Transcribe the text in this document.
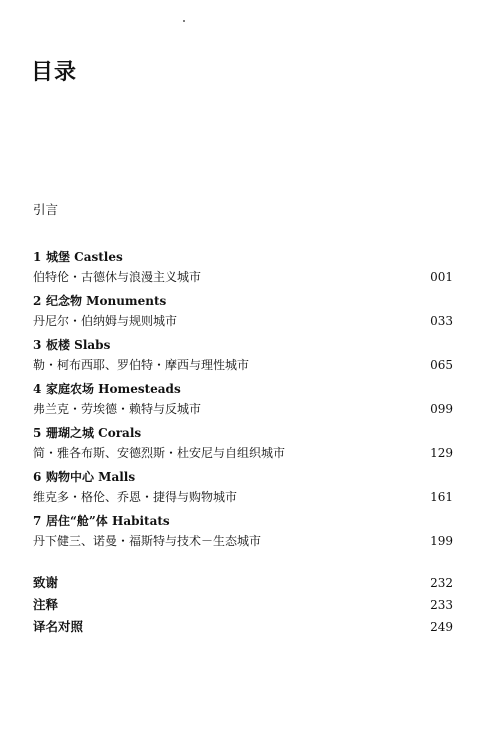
目录
引言
1 城堡 Castles
伯特伦・古德休与浪漫主义城市	001
2 纪念物 Monuments
丹尼尔・伯纳姆与规则城市	033
3 板楼 Slabs
勒・柯布西耶、罗伯特・摩西与理性城市	065
4 家庭农场 Homesteads
弗兰克・劳埃德・赖特与反城市	099
5 珊瑚之城 Corals
简・雅各布斯、安德烈斯・杜安尼与自组织城市	129
6 购物中心 Malls
维克多・格伦、乔恩・捷得与购物城市	161
7 居住“舱”体 Habitats
丹下健三、诺曼・福斯特与技术－生态城市	199
致谢	232
注释	233
译名对照	249
